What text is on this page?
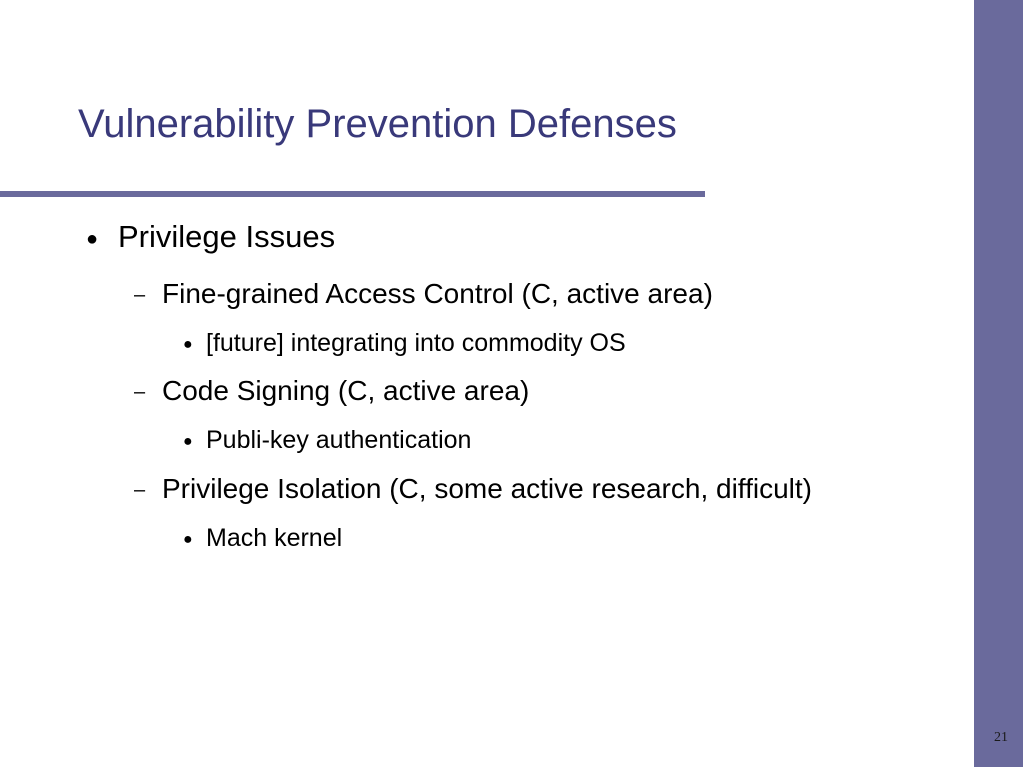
Vulnerability Prevention Defenses
● Privilege Issues
– Fine-grained Access Control (C, active area)
● [future] integrating into commodity OS
– Code Signing (C, active area)
● Publi-key authentication
– Privilege Isolation (C, some active research, difficult)
● Mach kernel
21
